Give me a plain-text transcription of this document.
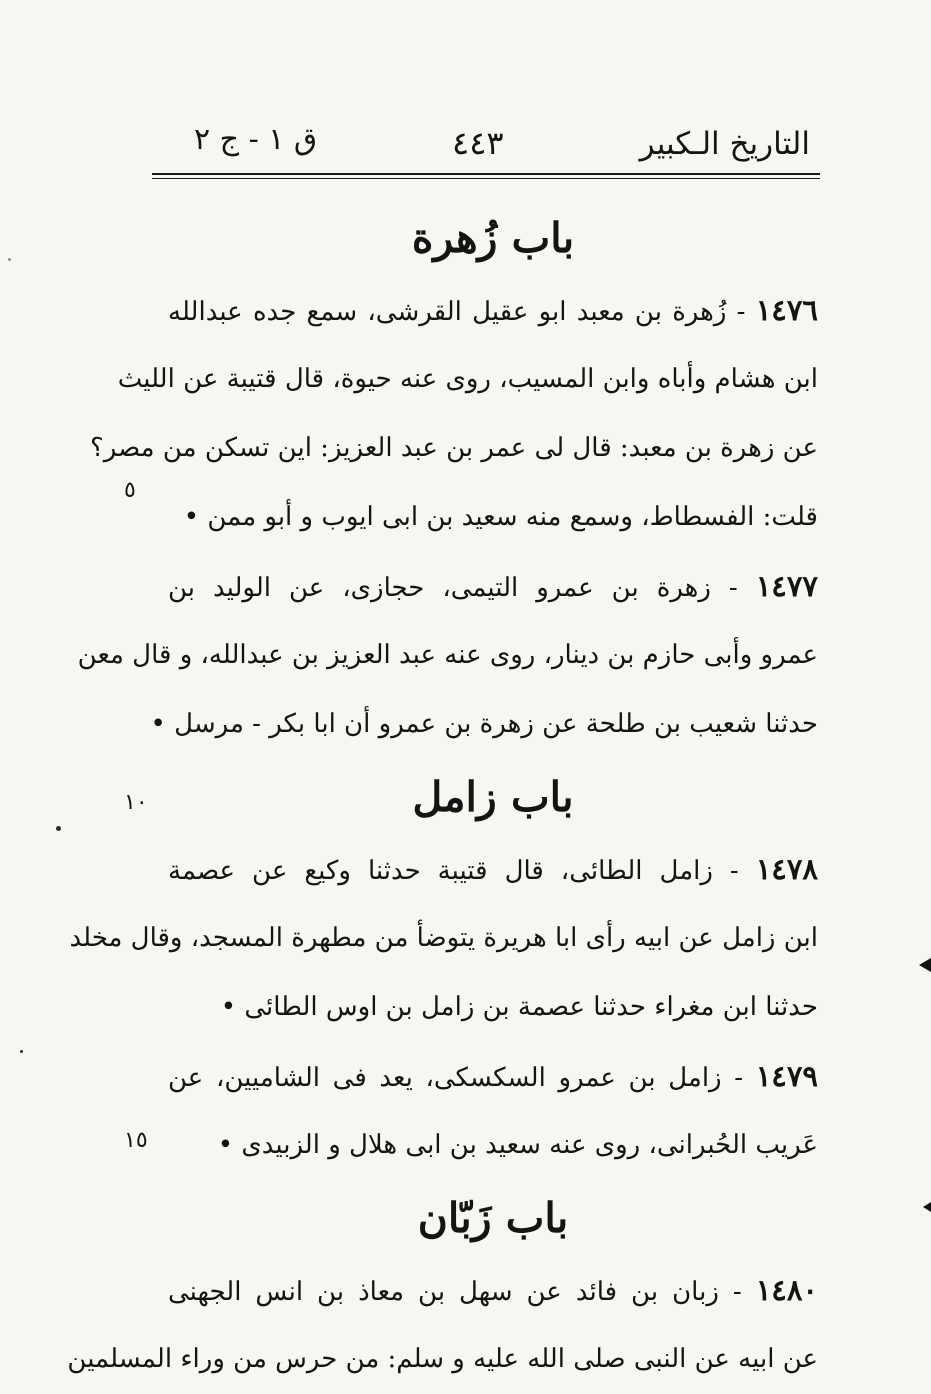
التاريخ الـكبير
٤٤٣
ق ١ - ج ٢
باب زُهرة
١٤٧٦ - زُهرة بن معبد ابو عقيل القرشى، سمع جده عبدالله
ابن هشام وأباه وابن المسيب، روى عنه حيوة، قال قتيبة عن الليث
عن زهرة بن معبد: قال لى عمر بن عبد العزيز: اين تسكن من مصر؟
قلت: الفسطاط، وسمع منه سعيد بن ابى ايوب و أبو ممن •
١٤٧٧ - زهرة بن عمرو التيمى، حجازى، عن الوليد بن
عمرو وأبى حازم بن دينار، روى عنه عبد العزيز بن عبدالله، و قال معن
حدثنا شعيب بن طلحة عن زهرة بن عمرو أن ابا بكر - مرسل •
باب زامل
١٤٧٨ - زامل الطائى، قال قتيبة حدثنا وكيع عن عصمة
ابن زامل عن ابيه رأى ابا هريرة يتوضأ من مطهرة المسجد، وقال مخلد
حدثنا ابن مغراء حدثنا عصمة بن زامل بن اوس الطائى •
١٤٧٩ - زامل بن عمرو السكسكى، يعد فى الشاميين، عن
عَريب الحُبرانى، روى عنه سعيد بن ابى هلال و الزبيدى •
باب زَبّان
١٤٨٠ - زبان بن فائد عن سهل بن معاذ بن انس الجهنى
عن ابيه عن النبى صلى الله عليه و سلم: من حرس من وراء المسلمين
٥
١٠
١٥
